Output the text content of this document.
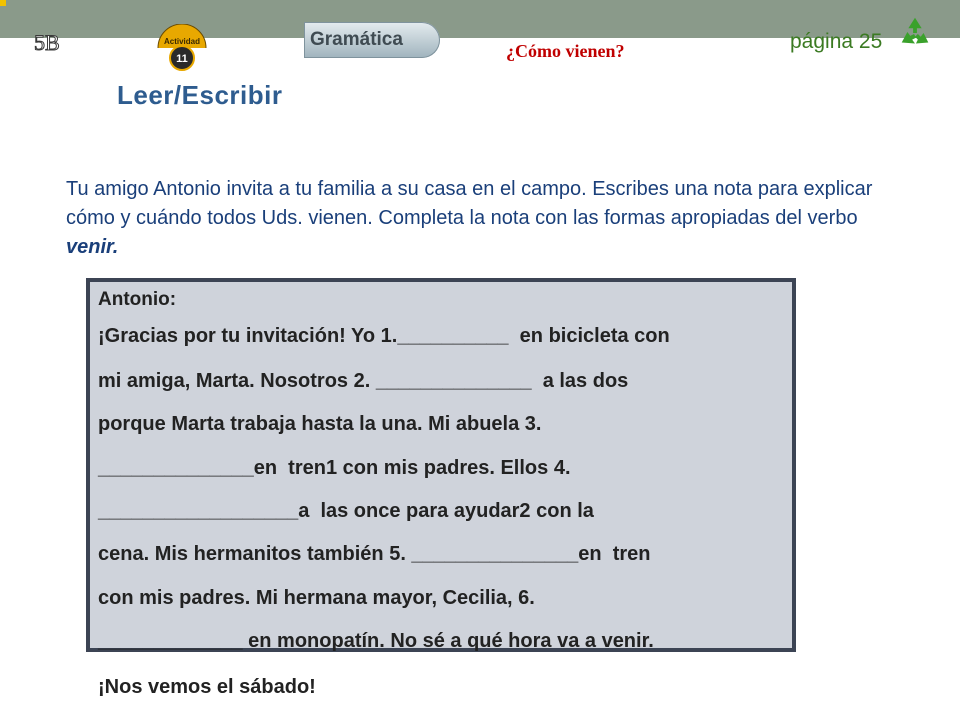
5B	Actividad
11
Gramática
¿Cómo vienen?	página 25
Leer/Escribir
Tu amigo Antonio invita a tu familia a su casa en el campo. Escribes una nota para explicar cómo y cuándo todos Uds. vienen. Completa la nota con las formas apropiadas del verbo venir.
Antonio:
¡Gracias por tu invitación! Yo 1.__________  en bicicleta con
mi amiga, Marta. Nosotros 2. ______________  a las dos
porque Marta trabaja hasta la una. Mi abuela 3.
______________en  tren1 con mis padres. Ellos 4.
__________________a  las once para ayudar2 con la
cena. Mis hermanitos también 5. _______________en  tren
con mis padres. Mi hermana mayor, Cecilia, 6.
_____________ en monopatín. No sé a qué hora va a venir.
¡Nos vemos el sábado!
